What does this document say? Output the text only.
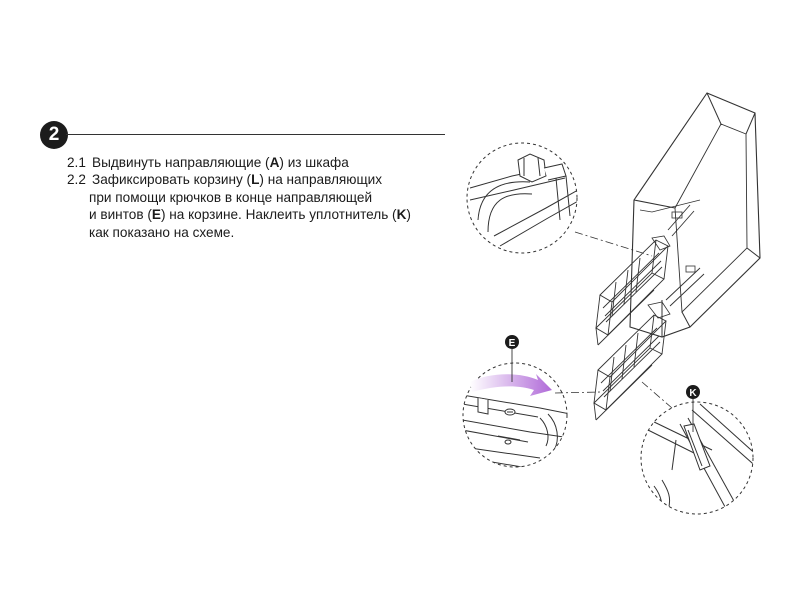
2
2.1 Выдвинуть направляющие (A) из шкафа
2.2 Зафиксировать корзину (L) на направляющих
при помощи крючков в конце направляющей
и винтов (E) на корзине. Наклеить уплотнитель (K)
как показано на схеме.
E
K
